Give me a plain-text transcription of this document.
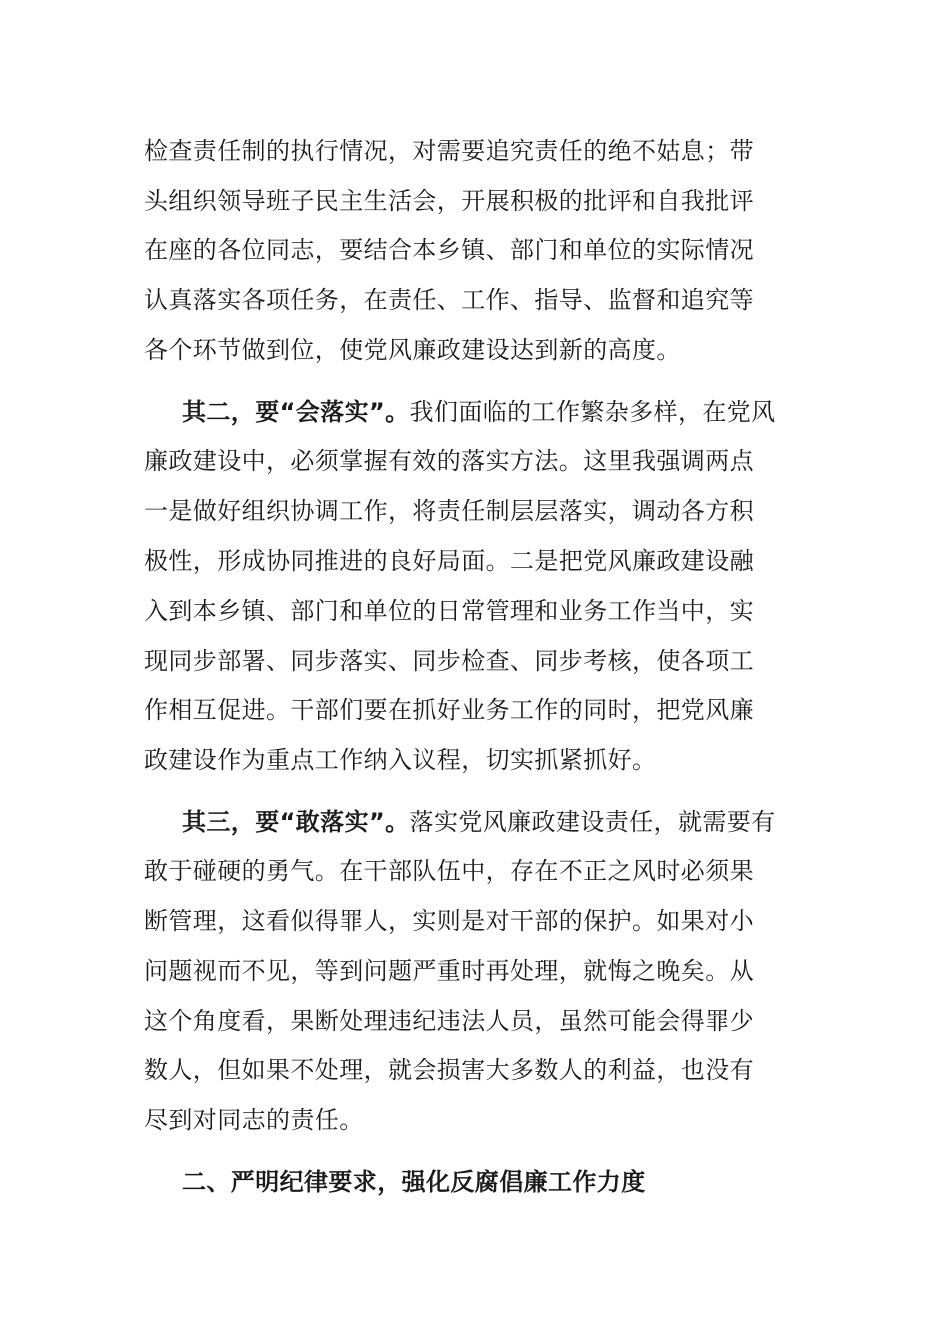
检查责任制的执行情况，对需要追究责任的绝不姑息；带
头组织领导班子民主生活会，开展积极的批评和自我批评
在座的各位同志，要结合本乡镇、部门和单位的实际情况
认真落实各项任务，在责任、工作、指导、监督和追究等
各个环节做到位，使党风廉政建设达到新的高度。
其二，要“会落实”。我们面临的工作繁杂多样，在党风
廉政建设中，必须掌握有效的落实方法。这里我强调两点
一是做好组织协调工作，将责任制层层落实，调动各方积
极性，形成协同推进的良好局面。二是把党风廉政建设融
入到本乡镇、部门和单位的日常管理和业务工作当中，实
现同步部署、同步落实、同步检查、同步考核，使各项工
作相互促进。干部们要在抓好业务工作的同时，把党风廉
政建设作为重点工作纳入议程，切实抓紧抓好。
其三，要“敢落实”。落实党风廉政建设责任，就需要有
敢于碰硬的勇气。在干部队伍中，存在不正之风时必须果
断管理，这看似得罪人，实则是对干部的保护。如果对小
问题视而不见，等到问题严重时再处理，就悔之晚矣。从
这个角度看，果断处理违纪违法人员，虽然可能会得罪少
数人，但如果不处理，就会损害大多数人的利益，也没有
尽到对同志的责任。
二、严明纪律要求，强化反腐倡廉工作力度
